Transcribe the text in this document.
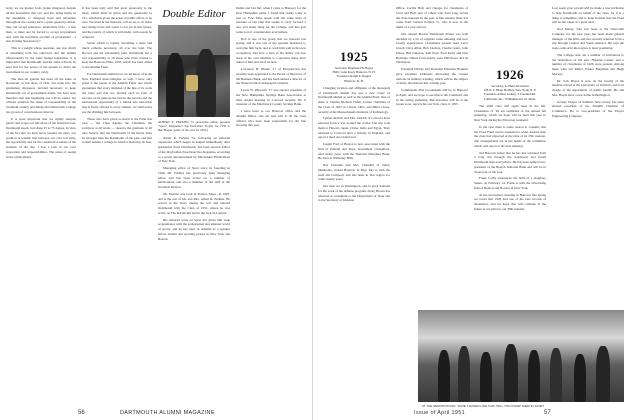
body, we are greater fools (some disagreed, despite all the necessities that can, and are, being made, in the meantime, to disagree) hope and adventure throughout the country have a quite general position. One can accept sentences, unalterable facts - a true man, or must one be forced to accept government and, with the inevitable swollen of government - a less inviting bureaucracy?

This is a weight whose question, one was which is disturbing both the educators and the alumni affectionately by the same budget legislation. It is imperative that Dartmouth, and the same schools, be kept free for the power of the present to direct the investment in our country today.

The men all gazette has been all the same as Roosevelt, so but those of 1931, but some few, the gentlemen discussed, decided necessary to keep Dartmouth out of government hands. We have seen therefore that this beginning one will be raised, but without question the sense of responsibility of the twentieth century and things that Dartmouth College has grown of conscientious objector.

It is most important that we rigidly sharpen public and scope our full share of the financial load. Dartmouth needs, but sharp 25 to 75 degree. In view of the fact that we have never needed our entry, our position is tenable that between our own lost time, the opportunity and for the constructive nature of the students of the day, 1 has a task of our own proportion and responsibilities. The sense of seeing in the achievement.

It has been truly said that great generosity is the heart, which must be given and the generosity in fact, which has given the sense of public effort, to be sure. We must in the interests, call on us, to do these new things if the end wants to not yet in that future, and the results of which is with them, with reason be achieved.

Seven which is rapidly becoming a mass and much remains necessary, all over the land. The Hoover and his scholarship plan, Dartmouth has a real responsibility to all those who have trusted to keep the Hanover Plain, 1935, which has been added to the Alumni Fund.

For Dartmouth alumni now we all know of in the New England intercollegiate as well. I have only given it the needs as the Alumni Fund, one which guarantees that every alumnus of the line of its work the trust; and that we, placing each its hour of success, as its purpose the best in the success and the educational opportunity of a liberal arts education that is freely offered to every student, we shall never see the dividing line between.

Those who have given so much to the Fund this year — the Class Agents, the Chairmen, the solicitors at all levels — deserve the gratitude of all who believe that the Dartmouth of the future must be stronger than the Dartmouth of the past, and that it shall remain a college in which a man may be free.

Double Editor
ALBERT R. PERKINS '51 (executive editor, presents "Sport" Magazine's Top Performer Trophy for 1950 to Ben Hogan, golfer of the year for 1950.)

Albert R. Perkins '51, following an editorial experience which began in August immediately after graduation from Dartmouth, has been elected Editor of the Macfadden True Detective magazine, according to a recent announcement by Macfadden Publications of New York.

Managing editor of Sport since its founding in 1946, Mr. Perkins has previously been managing editor and has been active on a number of publications, and also a member of the staff of the Graduate Review.

Mr. Perkins was born in Boston, Mass., in 1925, and is the son of Mr. and Mrs. Albert R. Perkins. He served in the Navy during the war and entered Dartmouth with the Class of 1951, where he was active on The Dartmouth and in the Jack-O-Lantern.

His editorial work on Sport has given him wide acquaintance with the professional and amateur world of sports, and he has been in demand as a speaker before alumni and sporting groups in New York and Boston.

Dallas and last fall, when I came to Hanover for the New Hampshire game, I found that reality today is just so. Few folks speak with the same kind of pleasure of any plan that seems to carry forward a new and better thing for the College, and this gets some sort of consideration everywhere.

Bob is one of the group that we honored last spring, and it was one of my greatest pleasures to welcome him back, and to wish him well in his new occupation. Just how a man of his ability can lose track of his own machine is a question many have asked of him and all of us here.

Lawrence H. Hunter '17 of Morgantown has recently been appointed to the Board of Directors of the Business Bank, and has been named a director of the Western Union Telegraph Company.

Lewis W. Dilworth '17 was elected president of the New Hampshire Savings Bank Association at their annual meeting in Concord recently. He is treasurer of the Merrimack County Savings Bank.

I have been to our Hanover office and the Alumni Office, and our best will to all the class officers who have been responsible for the fine showing this year.

56	DARTMOUTH ALUMNI MAGAZINE
1925
Secretary, Raymond B. Hayes
Holly Lane Road, Hanover, N. H.
Treasurer, Ralph E. Rogers
Hanover, N. H.

Changing location and affiliation of the thousands of Dartmouth alumni has put a new roster of Dartmouth alumni as well as the Alumni Fund. One of these is Charles Richard Fisher, former chairman of the Class of 1925 in Canton, Ohio, and Miles Chase, recently at the Massachusetts Institute of Technology.

Lyman Aldrich and Mrs. Aldrich of Concord have returned from a trip around the world. The trip took them to Hawaii, Japan, China, India and Egypt. They returned to Concord after a holiday in England, and report a most successful tour.

Joseph Ford of Boston is now associated with the firm of Putnam and Rose, investment counsellors, after many years with the National Shawmut Bank. He lives at Wellesley Hills.

Ray Chandler and Mrs. Chandler of Tulsa, Oklahoma, visited Hanover in May. Ray is with the Gulf Oil Company and has been in that region for some twenty years.

Our men are in Washington, and in great demand for the work of the defense program. Doug Brown has returned as consultant to the Department of State and to the Secretary of Defense.

Office, Cecilia Hall, and charges for classmates of Scott and Bell, and of others who have long served the class interests in the past. A fine reunion letter has come from Cannon Pollard, Jr., who is now in the midst of a year abroad.

One annual Boston Dartmouth dinner was well attended by a lot of regulars some amusing and new faculty appearances. Classmates present were Larry Jewell, Dave Allan, Bob Lindsay, Charlie Grant, John Peters, Bill Jameson, Sam Pratt, Fred Kirby and Don Hastings. Others from nearby were Phil Rowe and Al Thompson.

President Dickey and President Emeritus Hopkins gave excellent addresses discussing the current outlook on military training, which will be the subject of many discussions this coming year.

Commander Phil Crookshank will be in Hanover in April, and we hope to see him at the Commons and in the spring gathering. Ben Knowles will be at the Green soon, reports his son Tom, class of 1955.

1926
Secretary, A. Hunt Stevenson
108 N. T. Bldg. Bradley, New York, N. Y.
Treasurer, Arthur Leahey, 3 Colonial Rd.
California, Inc., Williamstown 10, Mass.

The 1926 class will again meet in the fall. Classmates of '26 are reminded of the annual fall gathering, which we hope will be held this year in New York during the Princeton weekend.

In the case there is some reason to consider that the Class Fund can be extended to wider interest than the class had expected at the time of its 25th reunion. The arrangements are in the hands of the committee which will report at the next meeting.

Ted Bascom writes that he has just returned from a long trip through the Southwest and found Dartmouth men everywhere. He has been named vice-president of the Boston National Bank and will be in Texas part of the year.

Frank Colby announces the birth of a daughter, Susan, on February 14. Frank is with the advertising firm of Benton and Bowles in New York.

At the Secretaries' meeting in Hanover this spring we noted that 1926 had one of the best records of attendance, and we hope that will continue in the future as we plan for our 30th reunion.

Last week your scream will be made a true invitation to help Dartmouth on behalf of the class, for it is a thing to remember, and to keep in mind that the Fund will be the cause of a great deal.

Ned Emery, who has been at the Newcomb Company for the past year, has been made general manager of the firm, and has recently returned from a trip through Central and South America. He says the trade outlook in that region is most promising.

The College sent out a number of invitations to the dedication of the new Hopkins Center, and a number of classmates of 1926 were present. Among these were Art Miller, Parker Benjamin and Hugh Mackay.

Dr. Jack Hayes is now on the faculty of the medical school at the University of Vermont, and is in charge of the department of public health. He and Mrs. Hayes have a new home in Burlington.

George Thayer of Summit, New Jersey, has been elected president of the Summit Chamber of Commerce. He is vice-president of the Thayer Engineering Company.

AT THE SENIOR PICNIC: 'DIXIE' LOOKED LIKE THIS. WILL YOU KNOW THEM IN JUNE?
Issue of April 1951	57
